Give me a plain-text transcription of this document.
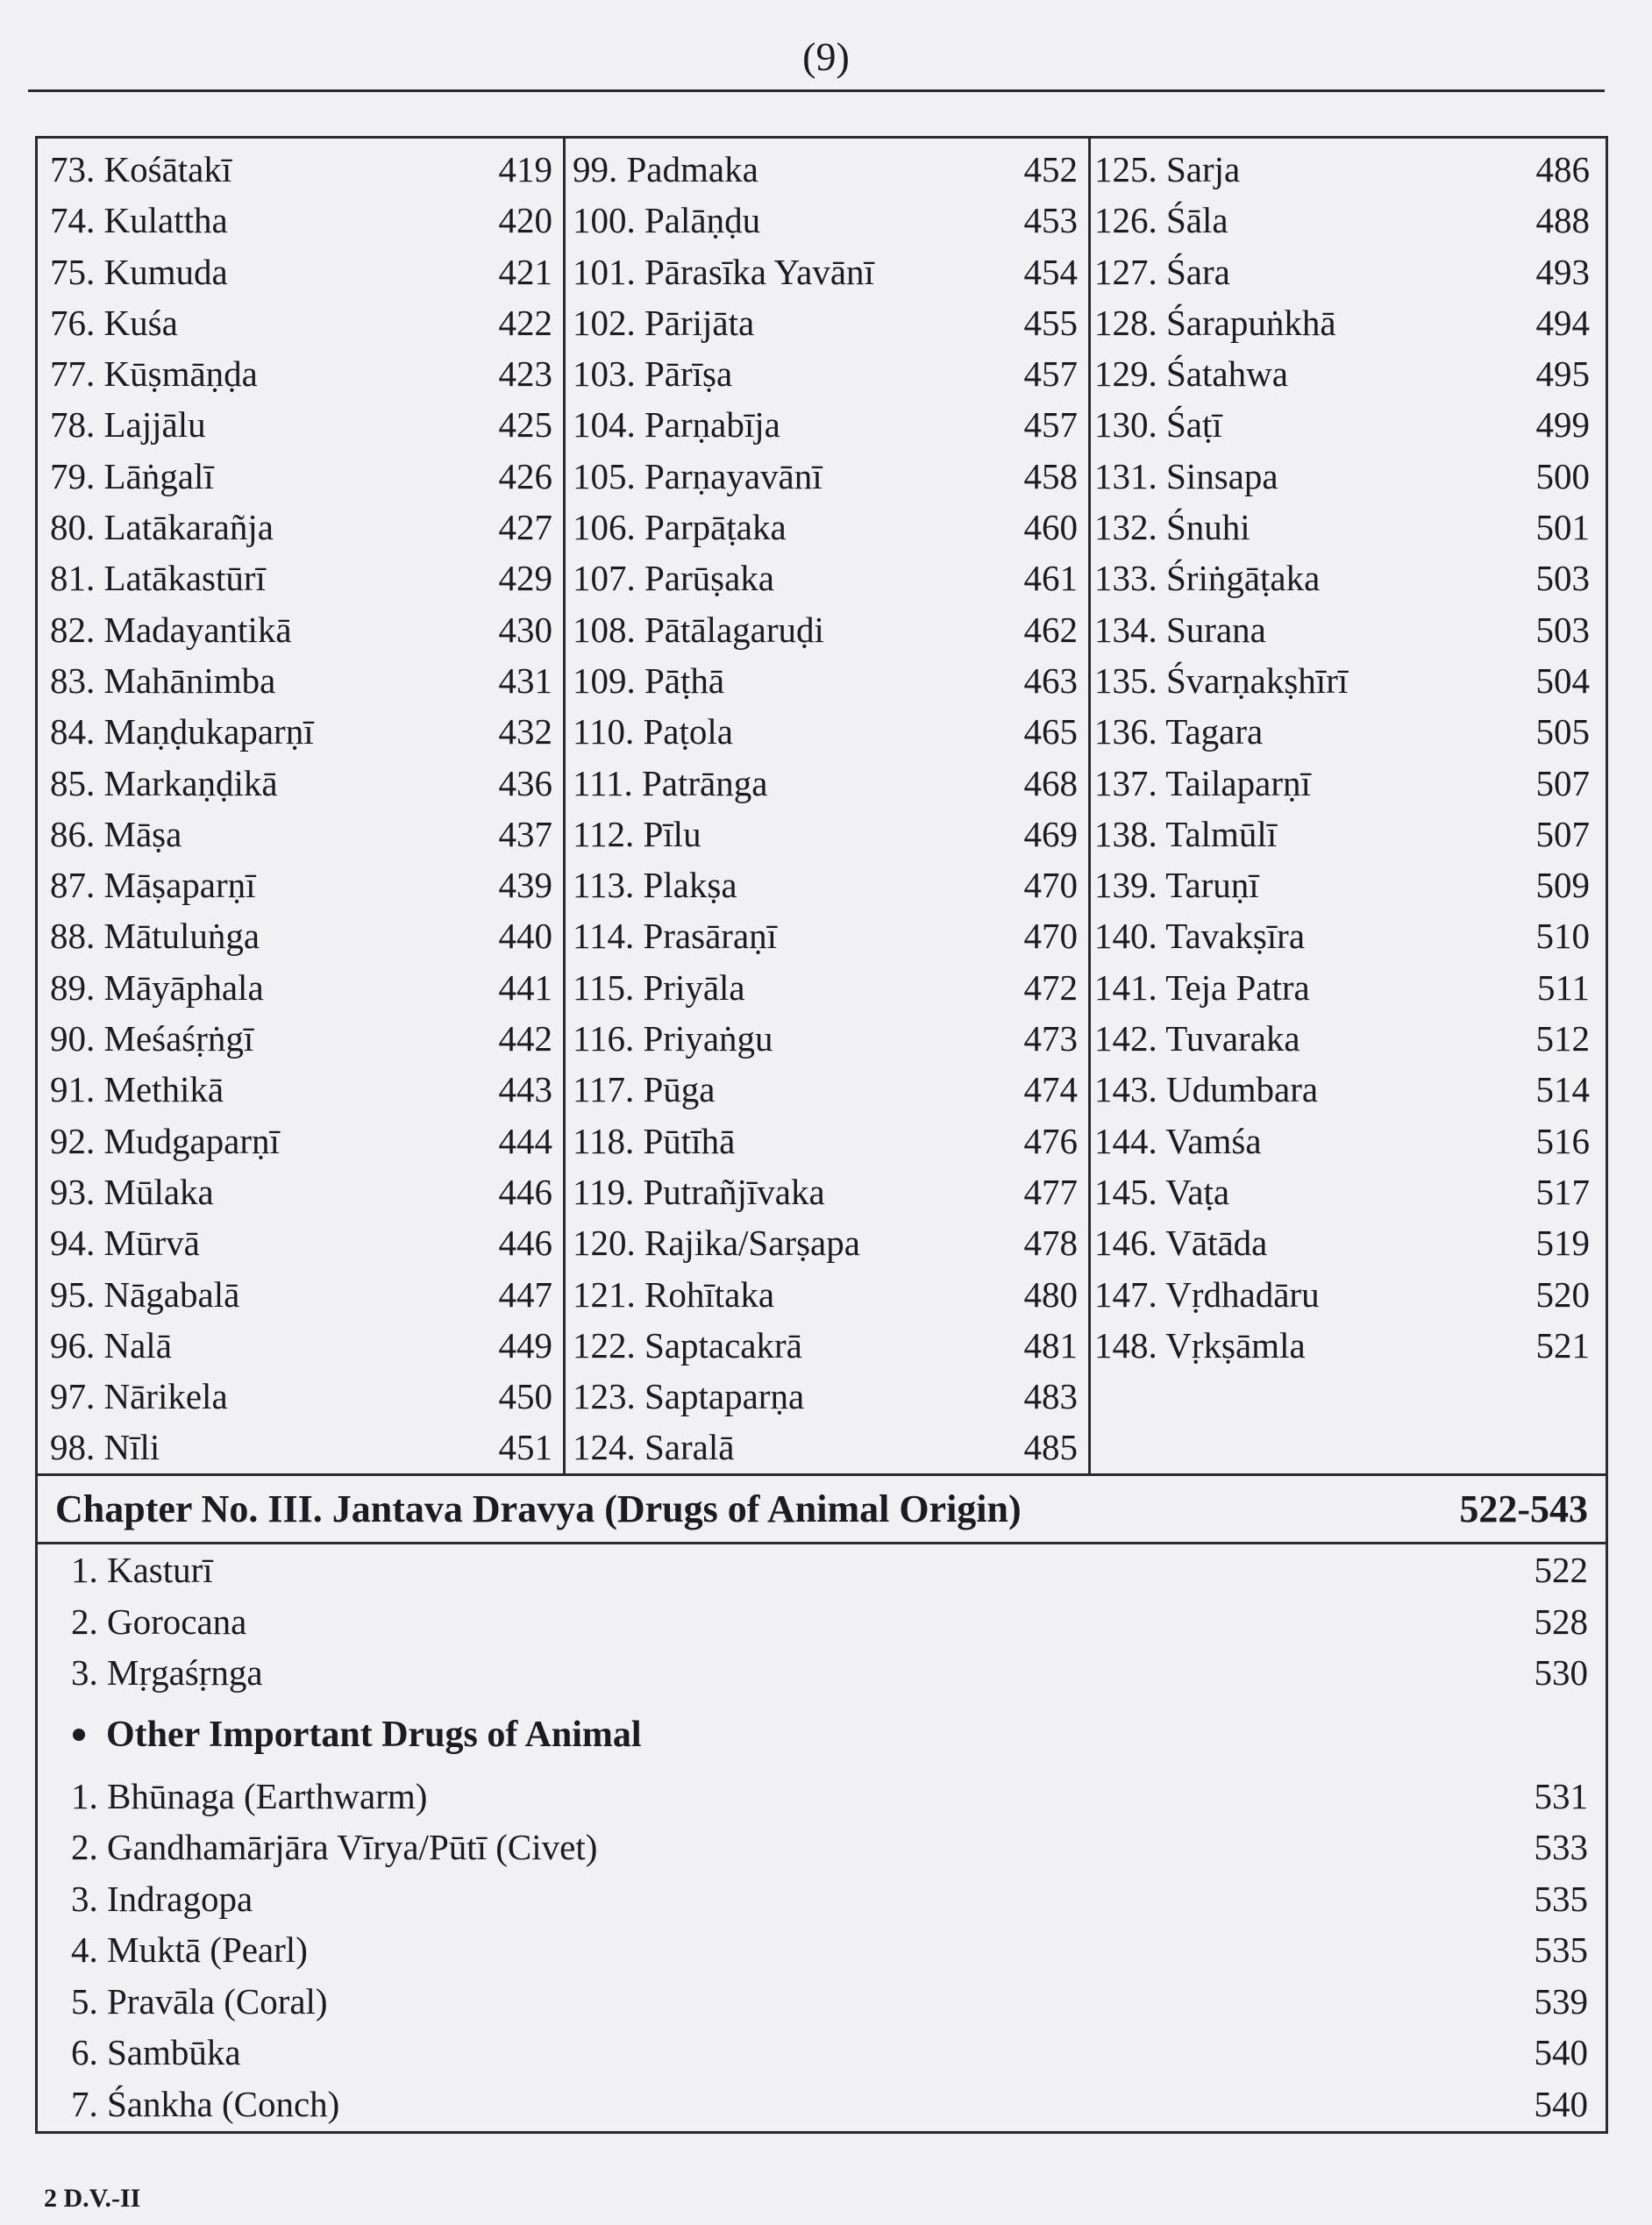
(9)
73. Kośātakī	419
74. Kulattha	420
75. Kumuda	421
76. Kuśa	422
77. Kūṣmāṇḍa	423
78. Lajjālu	425
79. Lāṅgalī	426
80. Latākarañja	427
81. Latākastūrī	429
82. Madayantikā	430
83. Mahānimba	431
84. Maṇḍukaparṇī	432
85. Markaṇḍikā	436
86. Māṣa	437
87. Māṣaparṇī	439
88. Mātuluṅga	440
89. Māyāphala	441
90. Meśaśṛṅgī	442
91. Methikā	443
92. Mudgaparṇī	444
93. Mūlaka	446
94. Mūrvā	446
95. Nāgabalā	447
96. Nalā	449
97. Nārikela	450
98. Nīli	451
99. Padmaka	452
100. Palāṇḍu	453
101. Pārasīka Yavānī	454
102. Pārijāta	455
103. Pārīṣa	457
104. Parṇabīja	457
105. Parṇayavānī	458
106. Parpāṭaka	460
107. Parūṣaka	461
108. Pātālagaruḍi	462
109. Pāṭhā	463
110. Paṭola	465
111. Patrānga	468
112. Pīlu	469
113. Plakṣa	470
114. Prasāraṇī	470
115. Priyāla	472
116. Priyaṅgu	473
117. Pūga	474
118. Pūtīhā	476
119. Putrañjīvaka	477
120. Rajika/Sarṣapa	478
121. Rohītaka	480
122. Saptacakrā	481
123. Saptaparṇa	483
124. Saralā	485
125. Sarja	486
126. Śāla	488
127. Śara	493
128. Śarapuṅkhā	494
129. Śatahwa	495
130. Śaṭī	499
131. Sinsapa	500
132. Śnuhi	501
133. Śriṅgāṭaka	503
134. Surana	503
135. Śvarṇakṣhīrī	504
136. Tagara	505
137. Tailaparṇī	507
138. Talmūlī	507
139. Taruṇī	509
140. Tavakṣīra	510
141. Teja Patra	511
142. Tuvaraka	512
143. Udumbara	514
144. Vamśa	516
145. Vaṭa	517
146. Vātāda	519
147. Vṛdhadāru	520
148. Vṛkṣāmla	521
Chapter No. III. Jantava Dravya (Drugs of Animal Origin)	522-543
1. Kasturī	522
2. Gorocana	528
3. Mṛgaśṛnga	530
Other Important Drugs of Animal
1. Bhūnaga (Earthwarm)	531
2. Gandhamārjāra Vīrya/Pūtī (Civet)	533
3. Indragopa	535
4. Muktā (Pearl)	535
5. Pravāla (Coral)	539
6. Sambūka	540
7. Śankha (Conch)	540
2 D.V.-II
